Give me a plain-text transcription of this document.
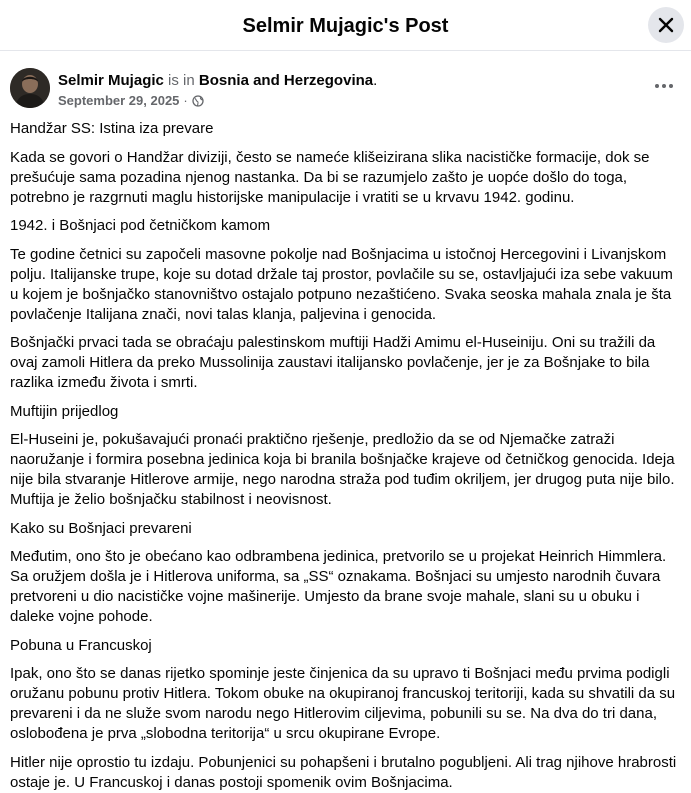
Selmir Mujagic's Post
Selmir Mujagic is in Bosnia and Herzegovina.
September 29, 2025 ·

Handžar SS: Istina iza prevare

Kada se govori o Handžar diviziji, često se nameće klišeizirana slika nacističke formacije, dok se prešućuje sama pozadina njenog nastanka. Da bi se razumjelo zašto je uopće došlo do toga, potrebno je razgrnuti maglu historijske manipulacije i vratiti se u krvavu 1942. godinu.

1942. i Bošnjaci pod četničkom kamom

Te godine četnici su započeli masovne pokolje nad Bošnjacima u istočnoj Hercegovini i Livanjskom polju. Italijanske trupe, koje su dotad držale taj prostor, povlačile su se, ostavljajući iza sebe vakuum u kojem je bošnjačko stanovništvo ostajalo potpuno nezaštićeno. Svaka seoska mahala znala je šta povlačenje Italijana znači, novi talas klanja, paljevina i genocida.

Bošnjački prvaci tada se obraćaju palestinskom muftiji Hadži Amimu el-Huseiniju. Oni su tražili da ovaj zamoli Hitlera da preko Mussolinija zaustavi italijansko povlačenje, jer je za Bošnjake to bila razlika između života i smrti.

Muftijin prijedlog

El-Huseini je, pokušavajući pronaći praktično rješenje, predložio da se od Njemačke zatraži naoružanje i formira posebna jedinica koja bi branila bošnjačke krajeve od četničkog genocida. Ideja nije bila stvaranje Hitlerove armije, nego narodna straža pod tuđim okriljem, jer drugog puta nije bilo. Muftija je želio bošnjačku stabilnost i neovisnost.

Kako su Bošnjaci prevareni

Međutim, ono što je obećano kao odbrambena jedinica, pretvorilo se u projekat Heinrich Himmlera. Sa oružjem došla je i Hitlerova uniforma, sa „SS“ oznakama. Bošnjaci su umjesto narodnih čuvara pretvoreni u dio nacističke vojne mašinerije. Umjesto da brane svoje mahale, slani su u obuku i daleke vojne pohode.

Pobuna u Francuskoj

Ipak, ono što se danas rijetko spominje jeste činjenica da su upravo ti Bošnjaci među prvima podigli oružanu pobunu protiv Hitlera. Tokom obuke na okupiranoj francuskoj teritoriji, kada su shvatili da su prevareni i da ne služe svom narodu nego Hitlerovim ciljevima, pobunili su se. Na dva do tri dana, oslobođena je prva „slobodna teritorija“ u srcu okupirane Evrope.

Hitler nije oprostio tu izdaju. Pobunjenici su pohapšeni i brutalno pogubljeni. Ali trag njihove hrabrosti ostaje je. U Francuskoj i danas postoji spomenik ovim Bošnjacima.
